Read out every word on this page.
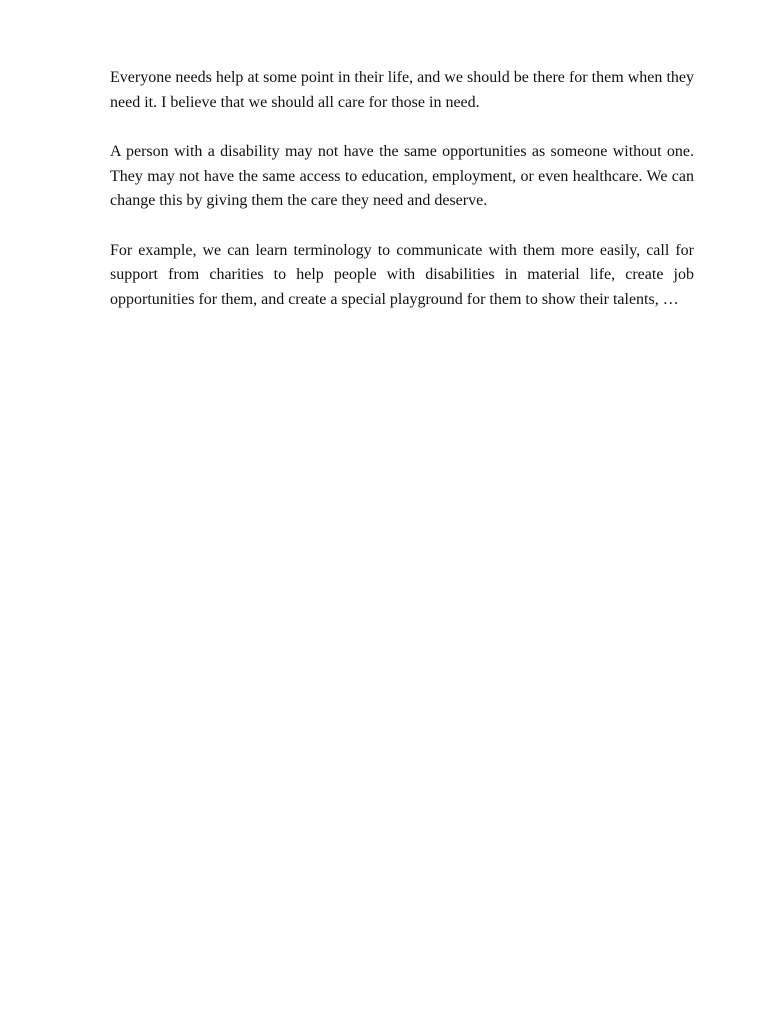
Everyone needs help at some point in their life, and we should be there for them when they need it. I believe that we should all care for those in need.

A person with a disability may not have the same opportunities as someone without one. They may not have the same access to education, employment, or even healthcare. We can change this by giving them the care they need and deserve.

For example, we can learn terminology to communicate with them more easily, call for support from charities to help people with disabilities in material life, create job opportunities for them, and create a special playground for them to show their talents, …
